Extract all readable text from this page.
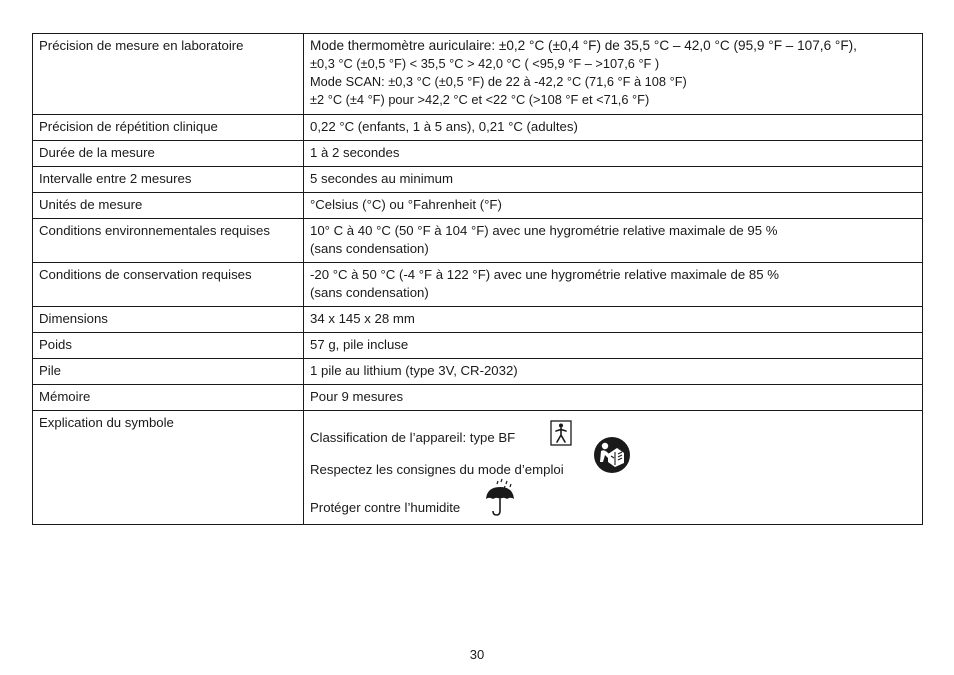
Précision de mesure en laboratoire	Mode thermomètre auriculaire: ±0,2 °C (±0,4 °F) de 35,5 °C – 42,0 °C (95,9 °F – 107,6 °F),
±0,3 °C (±0,5 °F) < 35,5 °C > 42,0 °C ( <95,9 °F – >107,6 °F )
Mode SCAN: ±0,3 °C (±0,5 °F) de 22 à -42,2 °C (71,6 °F à 108 °F)
±2 °C (±4 °F) pour >42,2 °C et <22 °C (>108 °F et <71,6 °F)

Précision de répétition clinique	0,22 °C (enfants, 1 à 5 ans), 0,21 °C (adultes)

Durée de la mesure	1 à 2 secondes

Intervalle entre 2 mesures	5 secondes au minimum

Unités de mesure	°Celsius (°C) ou °Fahrenheit (°F)

Conditions environnementales requises	10° C à 40 °C (50 °F à 104 °F) avec une hygrométrie relative maximale de 95 %
(sans condensation)

Conditions de conservation requises	-20 °C à 50 °C (-4 °F à 122 °F) avec une hygrométrie relative maximale de 85 %
(sans condensation)

Dimensions	34 x 145 x 28 mm

Poids	57 g, pile incluse

Pile	1 pile au lithium (type 3V, CR-2032)

Mémoire	Pour 9 mesures

Explication du symbole	Classification de l’appareil: type BF
Respectez les consignes du mode d’emploi
Protéger contre l’humidite
30
